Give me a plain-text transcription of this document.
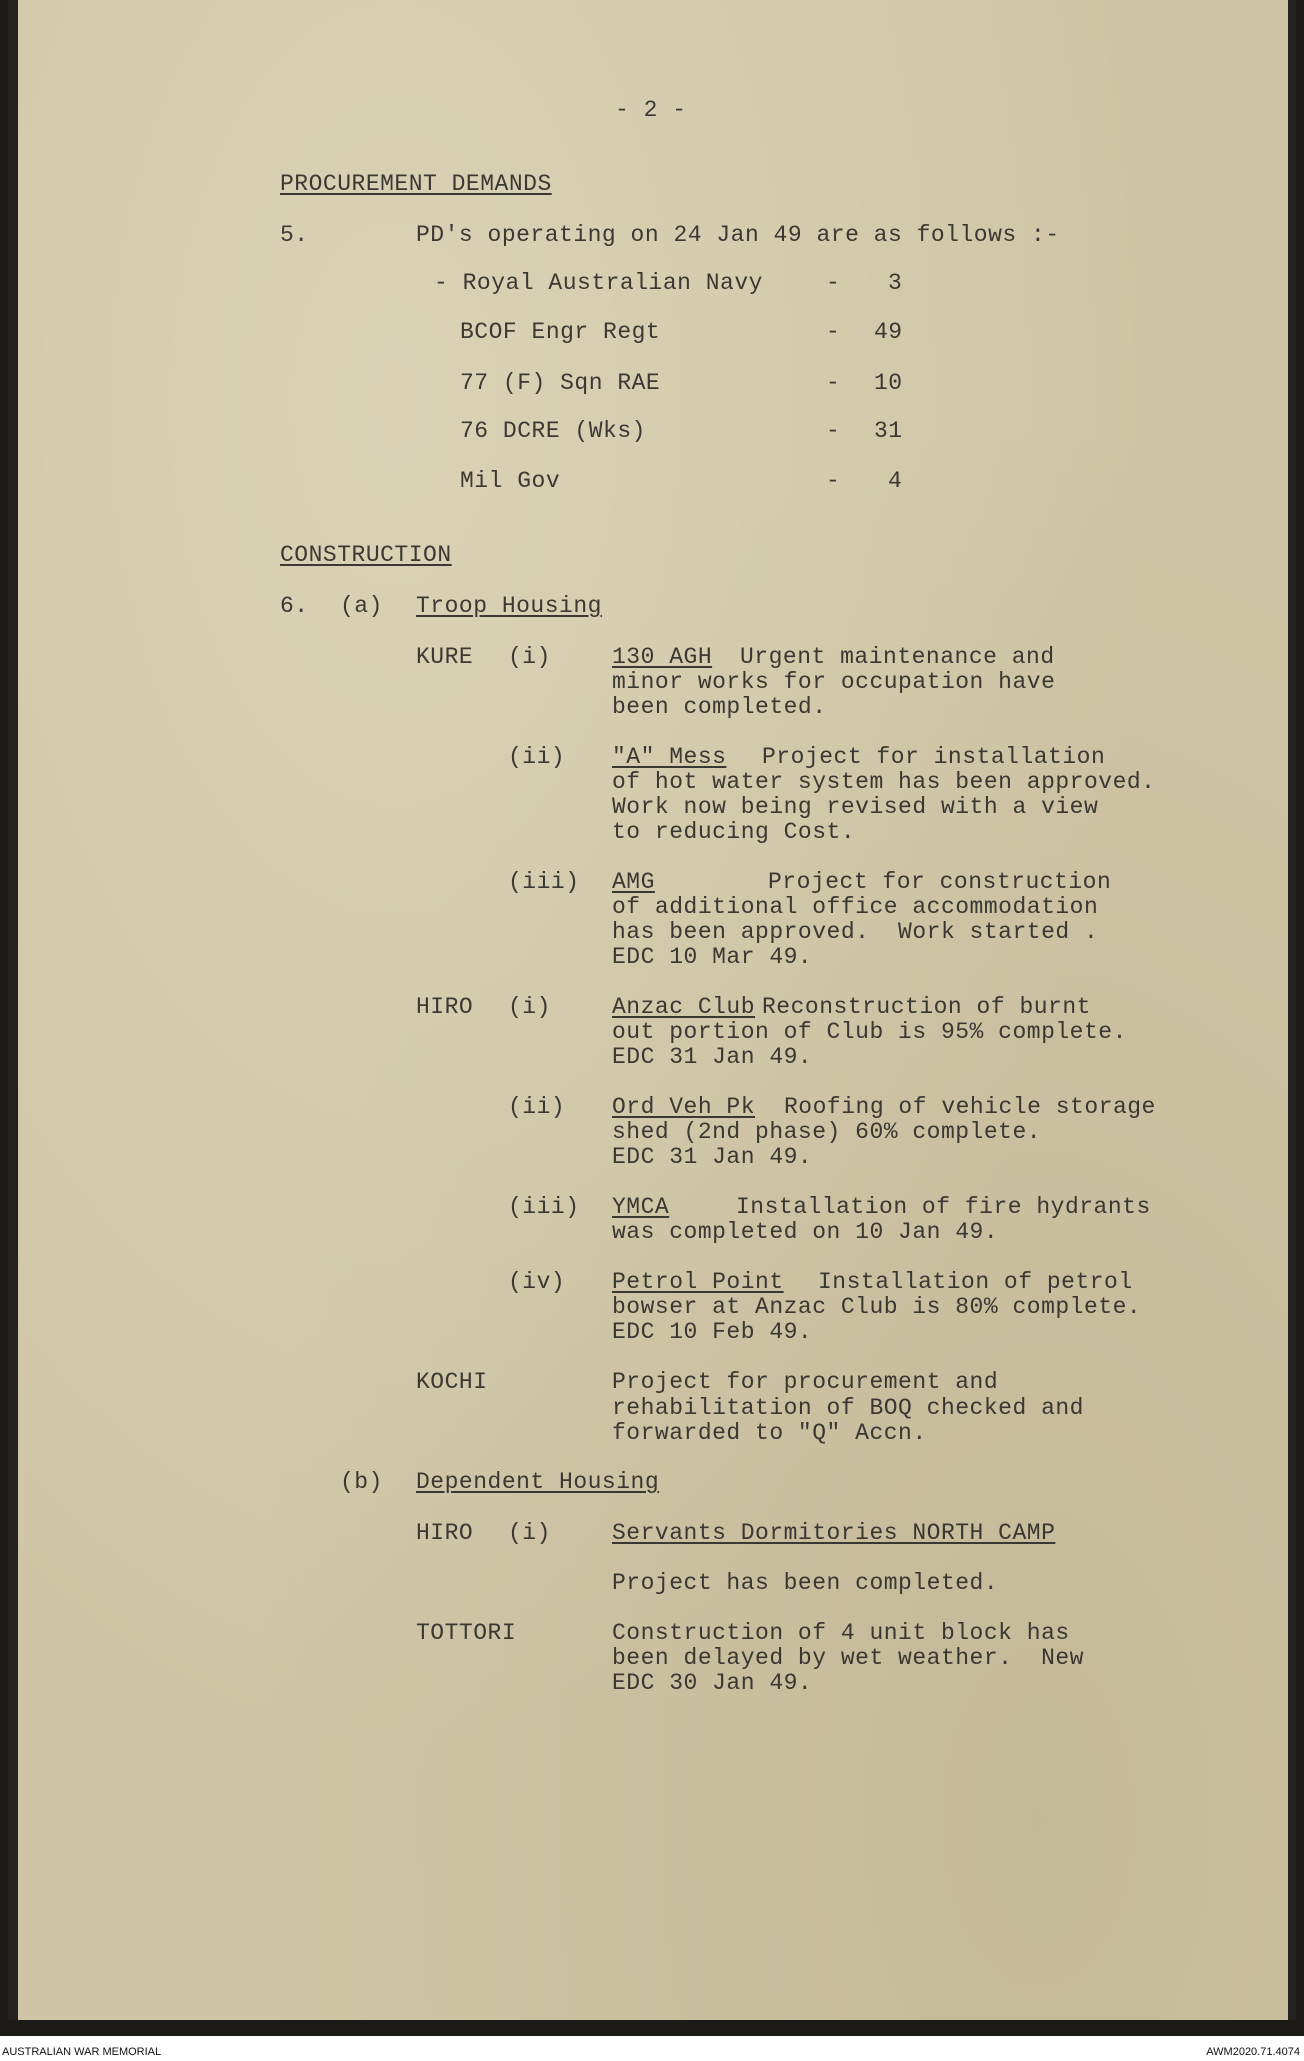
- 2 -
PROCUREMENT DEMANDS
5.	PD's operating on 24 Jan 49 are as follows :-
- Royal Australian Navy	- 3
BCOF Engr Regt	- 49
77 (F) Sqn RAE	- 10
76 DCRE (Wks)	- 31
Mil Gov	- 4
CONSTRUCTION
6. (a) Troop Housing
KURE (i)	130 AGH Urgent maintenance and
minor works for occupation have
been completed.
(ii) "A" Mess Project for installation
of hot water system has been approved.
Work now being revised with a view
to reducing Cost.
(iii) AMG	Project for construction
of additional office accommodation
has been approved.  Work started .
EDC 10 Mar 49.
HIRO (i)	Anzac Club Reconstruction of burnt
out portion of Club is 95% complete.
EDC 31 Jan 49.
(ii) Ord Veh Pk Roofing of vehicle storage
shed (2nd phase) 60% complete.
EDC 31 Jan 49.
(iii) YMCA	Installation of fire hydrants
was completed on 10 Jan 49.
(iv) Petrol Point Installation of petrol
bowser at Anzac Club is 80% complete.
EDC 10 Feb 49.
KOCHI	Project for procurement and
rehabilitation of BOQ checked and
forwarded to "Q" Accn.
(b) Dependent Housing
HIRO (i)	Servants Dormitories NORTH CAMP
Project has been completed.
TOTTORI	Construction of 4 unit block has
been delayed by wet weather.  New
EDC 30 Jan 49.
AUSTRALIAN WAR MEMORIAL	AWM2020.71.4074
